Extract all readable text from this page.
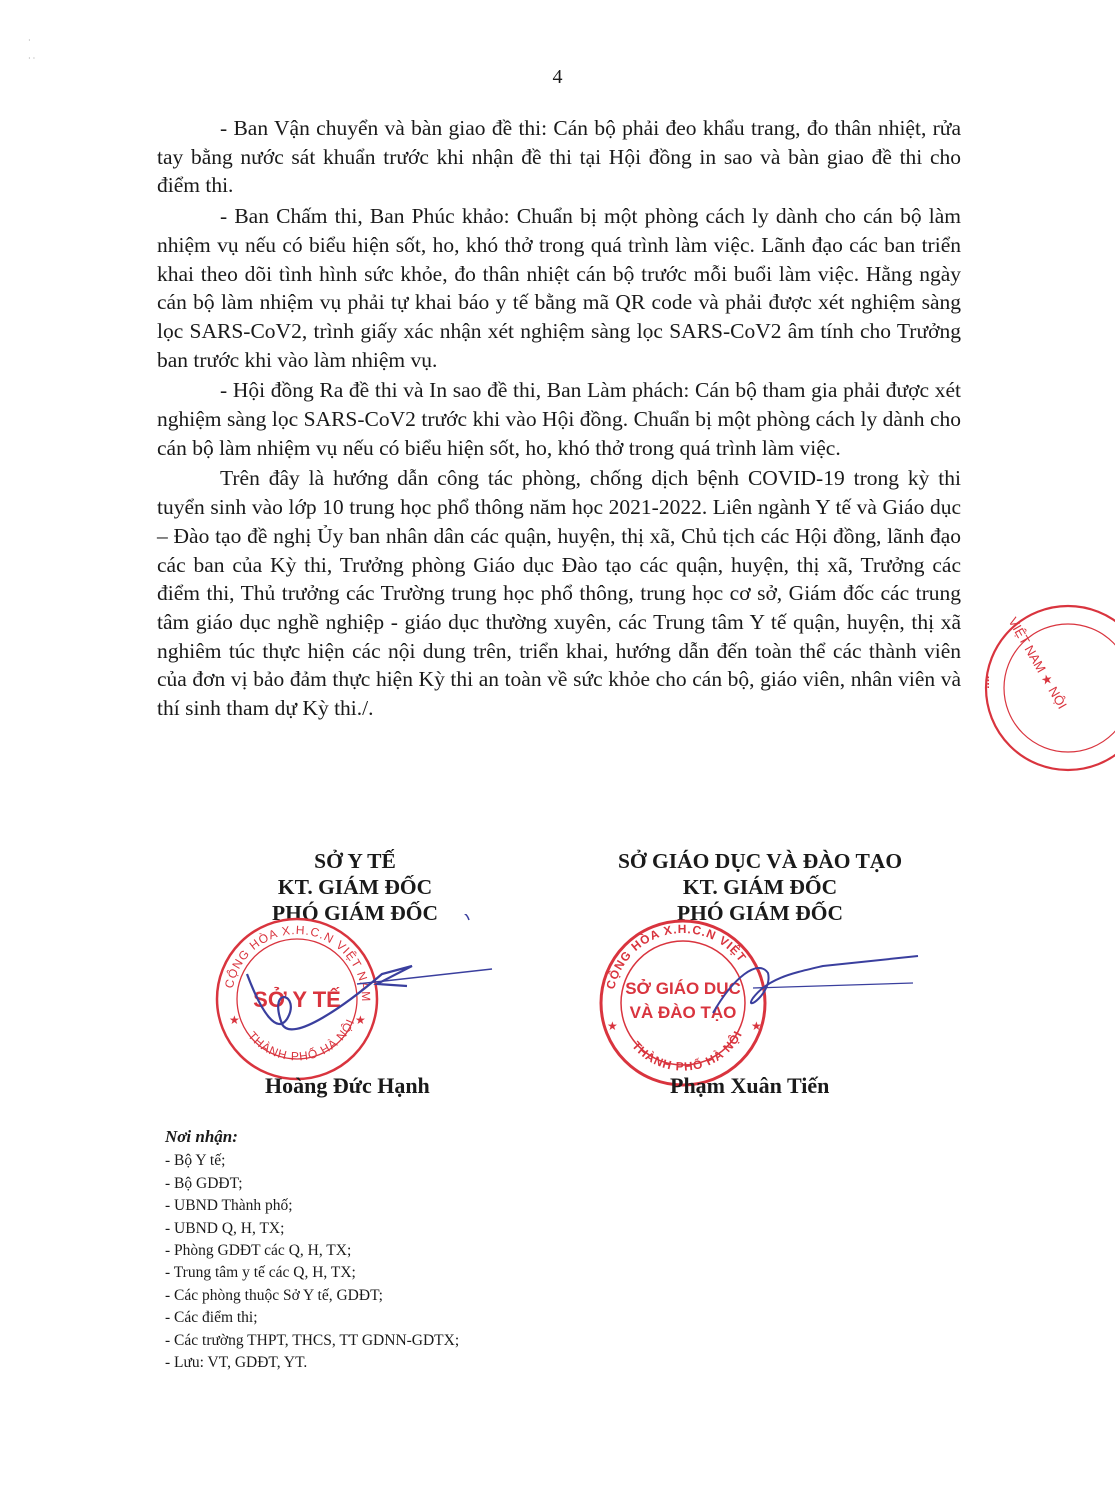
·

· ·
4

- Ban Vận chuyển và bàn giao đề thi: Cán bộ phải đeo khẩu trang, đo thân nhiệt, rửa tay bằng nước sát khuẩn trước khi nhận đề thi tại Hội đồng in sao và bàn giao đề thi cho điểm thi.

- Ban Chấm thi, Ban Phúc khảo: Chuẩn bị một phòng cách ly dành cho cán bộ làm nhiệm vụ nếu có biểu hiện sốt, ho, khó thở trong quá trình làm việc. Lãnh đạo các ban triển khai theo dõi tình hình sức khỏe, đo thân nhiệt cán bộ trước mỗi buổi làm việc. Hằng ngày cán bộ làm nhiệm vụ phải tự khai báo y tế bằng mã QR code và phải được xét nghiệm sàng lọc SARS-CoV2, trình giấy xác nhận xét nghiệm sàng lọc SARS-CoV2 âm tính cho Trưởng ban trước khi vào làm nhiệm vụ.

- Hội đồng Ra đề thi và In sao đề thi, Ban Làm phách: Cán bộ tham gia phải được xét nghiệm sàng lọc SARS-CoV2 trước khi vào Hội đồng. Chuẩn bị một phòng cách ly dành cho cán bộ làm nhiệm vụ nếu có biểu hiện sốt, ho, khó thở trong quá trình làm việc.

Trên đây là hướng dẫn công tác phòng, chống dịch bệnh COVID-19 trong kỳ thi tuyển sinh vào lớp 10 trung học phổ thông năm học 2021-2022. Liên ngành Y tế và Giáo dục – Đào tạo đề nghị Ủy ban nhân dân các quận, huyện, thị xã, Chủ tịch các Hội đồng, lãnh đạo các ban của Kỳ thi, Trưởng phòng Giáo dục Đào tạo các quận, huyện, thị xã, Trưởng các điểm thi, Thủ trưởng các Trường trung học phổ thông, trung học cơ sở, Giám đốc các trung tâm giáo dục nghề nghiệp - giáo dục thường xuyên, các Trung tâm Y tế quận, huyện, thị xã nghiêm túc thực hiện các nội dung trên, triển khai, hướng dẫn đến toàn thể các thành viên của đơn vị bảo đảm thực hiện Kỳ thi an toàn về sức khỏe cho cán bộ, giáo viên, nhân viên và thí sinh tham dự Kỳ thi./.	VIỆT NAM ★ NỘI
⁞
SỞ Y TẾ
KT. GIÁM ĐỐC
PHÓ GIÁM ĐỐC
CỘNG HÒA X.H.C.N VIỆT NAM
THÀNH PHỐ HÀ NỘI
SỞ Y TẾ
★	★
Hoàng Đức Hạnh
SỞ GIÁO DỤC VÀ ĐÀO TẠO
KT. GIÁM ĐỐC
PHÓ GIÁM ĐỐC
CỘNG HÒA X.H.C.N VIỆT
THÀNH PHỐ HÀ NỘI
SỞ GIÁO DỤC
VÀ ĐÀO TẠO
★	★
Phạm Xuân Tiến
Nơi nhận:
- Bộ Y tế;
- Bộ GDĐT;
- UBND Thành phố;
- UBND Q, H, TX;
- Phòng GDĐT các Q, H, TX;
- Trung tâm y tế các Q, H, TX;
- Các phòng thuộc Sở Y tế, GDĐT;
- Các điểm thi;
- Các trường THPT, THCS, TT GDNN-GDTX;
- Lưu: VT, GDĐT, YT.
